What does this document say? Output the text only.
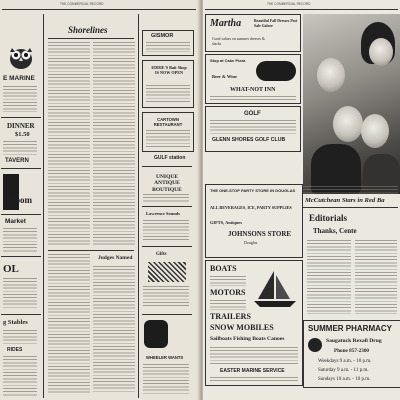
THE COMMERCIAL RECORD
E MARINE
DINNER
$1.50
TAVERN
Room
Market
OL
g Stables
RIDES
Shorelines
Judges Named
GISMOR
EDDIE'S Bait Shop IS NOW OPEN
CARTOWN RESTAURANT
GULF station
UNIQUE ANTIQUE BOUTIQUE
Lawrence Sounds
Gifts
WHEELER WANTS
THE COMMERCIAL RECORD
Martha	Beautiful Fall Dresses Post Sale Galore
Good values on summer dresses & slacks
Stop at Cake Pizza
Beer & Wine
WHAT-NOT INN
GOLF
GLENN SHORES GOLF CLUB
McCutchean Stars in Red Ba
THE ONE-STOP PARTY STORE IN DOUGLAS
ALL BEVERAGES, ICE, PARTY SUPPLIES
GIFTS, Antiques
JOHNSONS STORE
Douglas
BOATS
MOTORS
TRAILERS
SNOW MOBILES
Sailboats Fishing Boats Canoes
EASTER MARINE SERVICE
Editorials
Thanks, Cente
SUMMER PHARMACY
Saugatuck Rexall Drug
Phone 857-2300
Weekdays 9 a.m. - 10 p.m.
Saturday 9 a.m. - 11 p.m.
Sundays 10 a.m. - 10 p.m.
